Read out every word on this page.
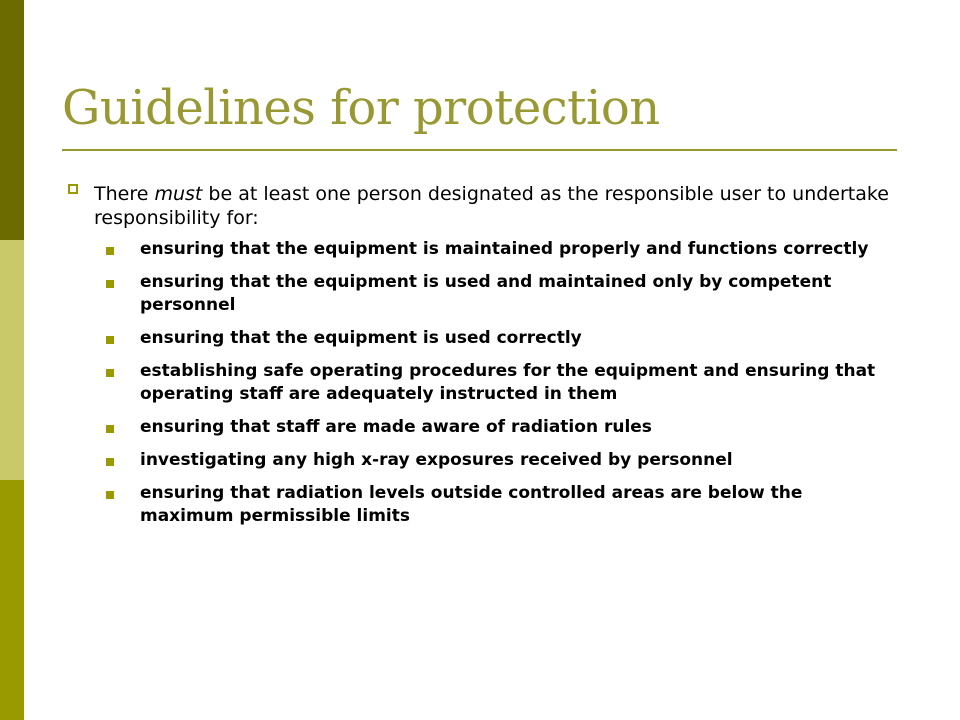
Guidelines for protection

There must be at least one person designated as the responsible user to undertake responsibility for:

ensuring that the equipment is maintained properly and functions correctly
ensuring that the equipment is used and maintained only by competent personnel
ensuring that the equipment is used correctly
establishing safe operating procedures for the equipment and ensuring that operating staff are adequately instructed in them
ensuring that staff are made aware of radiation rules
investigating any high x-ray exposures received by personnel
ensuring that radiation levels outside controlled areas are below the maximum permissible limits
